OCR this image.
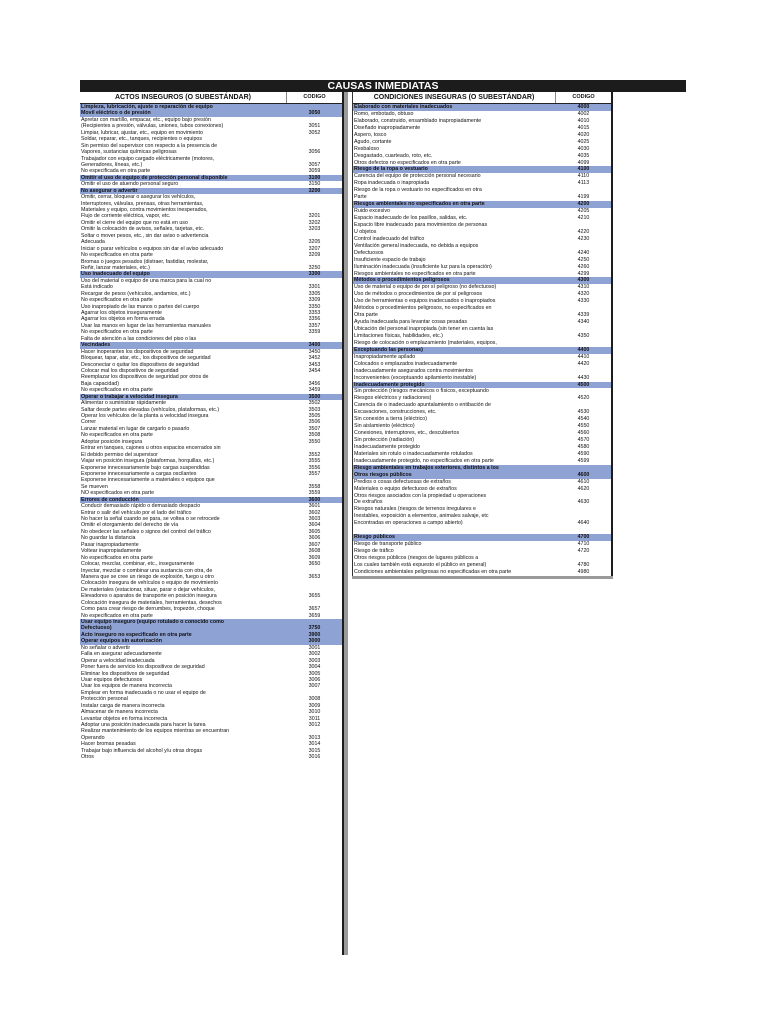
CAUSAS INMEDIATAS
ACTOS INSEGUROS (O SUBESTÁNDAR)	CODIGO
Limpieza, lubricación, ajuste o reparación de equipo
Movil eléctrico o de presión	3050
Apretar con martillo, empacar, etc., equipo bajo presión
(Recipientes a presión, válvulas, uniones, tubos conexiones)	3051
Limpiar, lubricar, ajustar, etc., equipo en movimiento	3052
Soldar, reparar, etc., tanques, recipientes o equipos
Sin permiso del supervisor con respecto a la presencia de
Vapores, sustancias químicas peligrosas	3056
Trabajador con equipo cargado eléctricamente (motores,
Generadores, líneas, etc.)	3057
No especificada en otra parte	3059
Omitir el uso de equipo de protección personal disponible	3100
Omitir el uso de atuendo personal seguro	3150
No asegurar o advertir	3200
Omitir, cerrar, bloquear o asegurar los vehículos,
Interruptores, válvulas, prensas, otras herramientas,
Materiales y equipo, contra movimientos inesperados,
Flujo de corriente eléctrica, vapor, etc.	3201
Omitir el cierre del equipo que no está en uso	3202
Omitir la colocación de avisos, señales, tarjetas, etc.	3203
Soltar o mover pesos, etc., sin dar aviso o advertencia
Adecuada	3205
Iniciar o parar vehículos o equipos sin dar el aviso adecuado	3207
No especificados en otra parte	3209
Bromas o juegos pesados (distraer, fastidiar, molestar,
Reñir, lanzar materiales, etc.)	3250
Uso inadecuado del equipo	3300
Uso del material o equipo de una marca para la cual no
Está indicado	3301
Recargar de pesos (vehículos, andamios, etc.)	3305
No especificados en otra parte	3309
Uso inapropiado de las manos o partes del cuerpo	3350
Agarrar los objetos inseguramente	3353
Agarrar los objetos en forma errada	3356
Usar las manos en lugar de las herramientas manuales	3357
No especificados en otra parte	3359
Falta de atención a las condiciones del piso o las
Vecindades	3400
Hacer inoperantes los dispositivos de seguridad	3450
Bloquear, tapar, atar, etc., los dispositivos de seguridad	3452
Desconectar o quitar los dispositivos de seguridad	3453
Colocar mal los dispositivos de seguridad	3454
Reemplazar los dispositivos de seguridad por otros de
Baja capacidad)	3456
No especificados en otra parte	3459
Operar o trabajar a velocidad insegura	3500
Alimentar o suministrar rápidamente	3502
Saltar desde partes elevadas (vehículos, plataformas, etc.)	3503
Operar los vehículos de la planta a velocidad insegura	3505
Correr	3506
Lanzar material en lugar de cargarlo o pasarlo	3507
No especificados en otra parte	3508
Adoptar posición insegura	3550
Entrar en tanques, cajones u otros espacios encerrados sin
El debido permiso del supervisor	3552
Viajar en posición insegura (plataformas, horquillas, etc.)	3555
Exponerse innecesariamente bajo cargas suspendidas	3556
Exponerse innecesariamente a cargas oscilantes	3557
Exponerse innecesariamente a materiales o equipos que
Se mueven	3558
NO especificados en otra parte	3559
Errores de conducción	3600
Conducir demasiado rápido o demasiado despacio	3601
Entrar o salir del vehículo por el lado del tráfico	3602
No hacer la señal cuando se para, se voltea o se retrocede	3603
Omitir el otorgamiento del derecho de vía	3604
No obedecer las señales o signos del control del tráfico	3605
No guardar la distancia	3606
Pasar inapropiadamente	3607
Voltear inapropiadamente	3608
No especificados en otra parte	3609
Colocar, mezclar, combinar, etc., inseguramente	3650
Inyectar, mezclar o combinar una sustancia con otra, de
Manera que se cree un riesgo de explosión, fuego u otro	3653
Colocación insegura de vehículos o equipo de movimiento
De materiales (estacionar, situar, parar o dejar vehículos,
Elevadores o aparatos de transporte en posición insegura	3655
Colocación insegura de materiales, herramientas, desechos
Como para crear riesgo de derrumbes, tropezón, choque	3657
No especificados en otra parte	3659
Usar equipo inseguro (equipo rotulado o conocido como
Defectuoso)	3750
Acto inseguro no especificado en otra parte	3900
Operar equipos sin autorización	3000
No señalar o advertir	3001
Falla en asegurar adecuadamente	3002
Operar a velocidad inadecuada	3003
Poner fuera de servicio los dispositivos de seguridad	3004
Eliminar los dispositivos de seguridad	3005
Usar equipos defectuosos	3006
Usar los equipos de manera incorrecta	3007
Emplear en forma inadecuada o no usar el equipo de
Protección personal	3008
Instalar carga de manera incorrecta	3009
Almacenar de manera incorrecta	3010
Levantar objetos en forma incorrecta	3011
Adoptar una posición inadecuada para hacer la tarea	3012
Realizar mantenimiento de los equipos mientras se encuentran
Operando	3013
Hacer bromas pesadas	3014
Trabajar bajo influencia del alcohol y/u otras drogas	3015
Otros	3016
CONDICIONES INSEGURAS (O SUBESTÁNDAR)	CODIGO
Elaborado con materiales inadecuados	4000
Romo, embotado, obtuso	4002
Elaborado, construido, ensamblado inapropiadamente	4010
Diseñado inapropiadamente	4015
Áspero, tosco	4020
Agudo, cortante	4025
Resbaloso	4030
Desgastado, cuarteado, roto, etc.	4035
Otros defectos no especificados en otra parte	4099
Riesgo de la ropa o vestuario	4100
Carencia del equipo de protección personal necesario	4110
Ropa inadecuada o inapropiada	4113
Riesgo de la ropa o vestuario no especificados en otra
Parte	4199
Riesgos ambientales no especificados en otra parte	4200
Ruido excesivo	4205
Espacio inadecuado de los pasillos, salidas, etc.	4210
Espacio libre inadecuado para movimientos de personas
U objetos	4220
Control inadecuado del tráfico	4230
Ventilación general inadecuada, no debida a equipos
Defectuosos	4240
Insuficiente espacio de trabajo	4250
Iluminación inadecuada (insuficiente luz para la operación)	4260
Riesgos ambientales no especificados en otra parte	4299
Métodos o procedimientos peligrosos	4300
Uso de material o equipo de por sí peligroso (no defectuoso)	4310
Uso de métodos o procedimientos de por sí peligrosos	4320
Uso de herramientas o equipos inadecuados o inapropiados	4330
Métodos o procedimientos peligrosos, no especificados en
Otra parte	4339
Ayuda inadecuada para levantar cosas pesadas	4340
Ubicación del personal inapropiada (sin tener en cuenta las
Limitaciones físicas, habilidades, etc.)	4350
Riesgo de colocación o emplazamiento (materiales, equipos,
Exceptuando las personas)	4400
Inapropiadamente apilado	4410
Colocados o emplazados inadecuadamente	4420
Inadecuadamente asegurados contra movimientos
Inconvenientes (exceptuando apilamiento inestable)	4430
Inadecuadamente protegido	4500
Sin protección (riesgos mecánicos o físicos, exceptuando
Riesgos eléctricos y radiaciones)	4520
Carencia de o inadecuado apuntalamiento o entibación de
Excavaciones, construcciones, etc.	4530
Sin conexión a tierra (eléctrico)	4540
Sin aislamiento (eléctrico)	4550
Conexiones, interruptores, etc., descubiertos	4560
Sin protección (radiación)	4570
Inadecuadamente protegido	4580
Materiales sin rotulo o inadecuadamente rotulados	4590
Inadecuadamente protegido, no especificados en otra parte	4599
Riesgo ambientales en trabajos exteriores, distintos a los
Otros riesgos públicos	4600
Predios o cosas defectuosas de extraños	4610
Materiales o equipo defectuoso de extraños	4620
Otros riesgos asociados con la propiedad u operaciones
De extraños	4630
Riesgos naturales (riesgos de terrenos irregulares e
Inestables, exposición a elementos, animales salvaje, etc
Encontradas en operaciones a campo abierto)	4640
Riesgo públicos	4700
Riesgo de transporte público	4710
Riesgo de tráfico	4720
Otros riesgos públicos (riesgos de lugares públicos a
Los cuales también está expuesto el público en general)	4780
Condiciones ambientales peligrosas no especificadas en otra parte	4980
